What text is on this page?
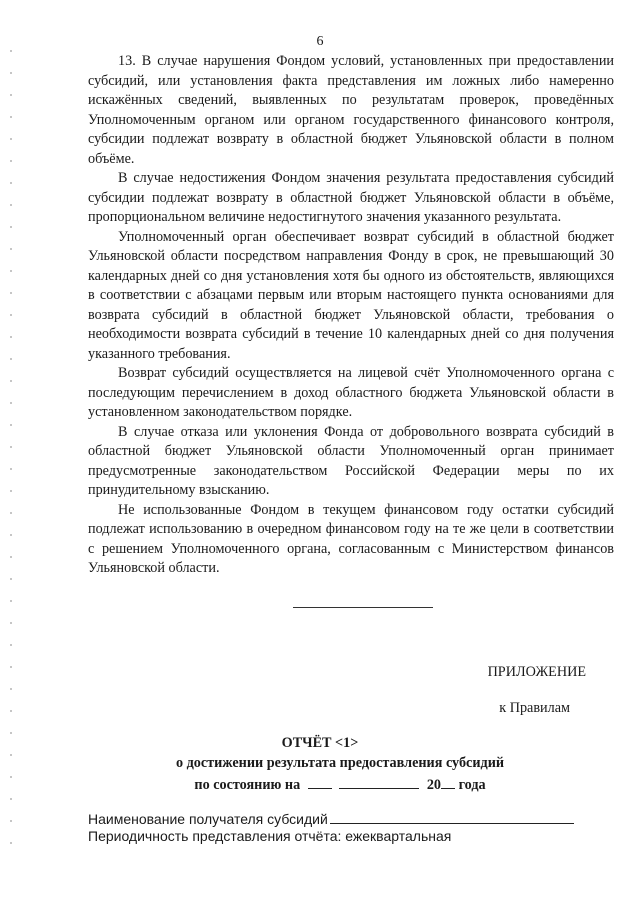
6

13. В случае нарушения Фондом условий, установленных при предоставлении субсидий, или установления факта представления им ложных либо намеренно искажённых сведений, выявленных по результатам проверок, проведённых Уполномоченным органом или органом государственного финансового контроля, субсидии подлежат возврату в областной бюджет Ульяновской области в полном объёме.

В случае недостижения Фондом значения результата предоставления субсидий субсидии подлежат возврату в областной бюджет Ульяновской области в объёме, пропорциональном величине недостигнутого значения указанного результата.

Уполномоченный орган обеспечивает возврат субсидий в областной бюджет Ульяновской области посредством направления Фонду в срок, не превышающий 30 календарных дней со дня установления хотя бы одного из обстоятельств, являющихся в соответствии с абзацами первым или вторым настоящего пункта основаниями для возврата субсидий в областной бюджет Ульяновской области, требования о необходимости возврата субсидий в течение 10 календарных дней со дня получения указанного требования.

Возврат субсидий осуществляется на лицевой счёт Уполномоченного органа с последующим перечислением в доход областного бюджета Ульяновской области в установленном законодательством порядке.

В случае отказа или уклонения Фонда от добровольного возврата субсидий в областной бюджет Ульяновской области Уполномоченный орган принимает предусмотренные законодательством Российской Федерации меры по их принудительному взысканию.

Не использованные Фондом в текущем финансовом году остатки субсидий подлежат использованию в очередном финансовом году на те же цели в соответствии с решением Уполномоченного органа, согласованным с Министерством финансов Ульяновской области.

ПРИЛОЖЕНИЕ
к Правилам
ОТЧЁТ <1>
о достижении результата предоставления субсидий
по состоянию на	20 года
Наименование получателя субсидий
Периодичность представления отчёта: ежеквартальная
